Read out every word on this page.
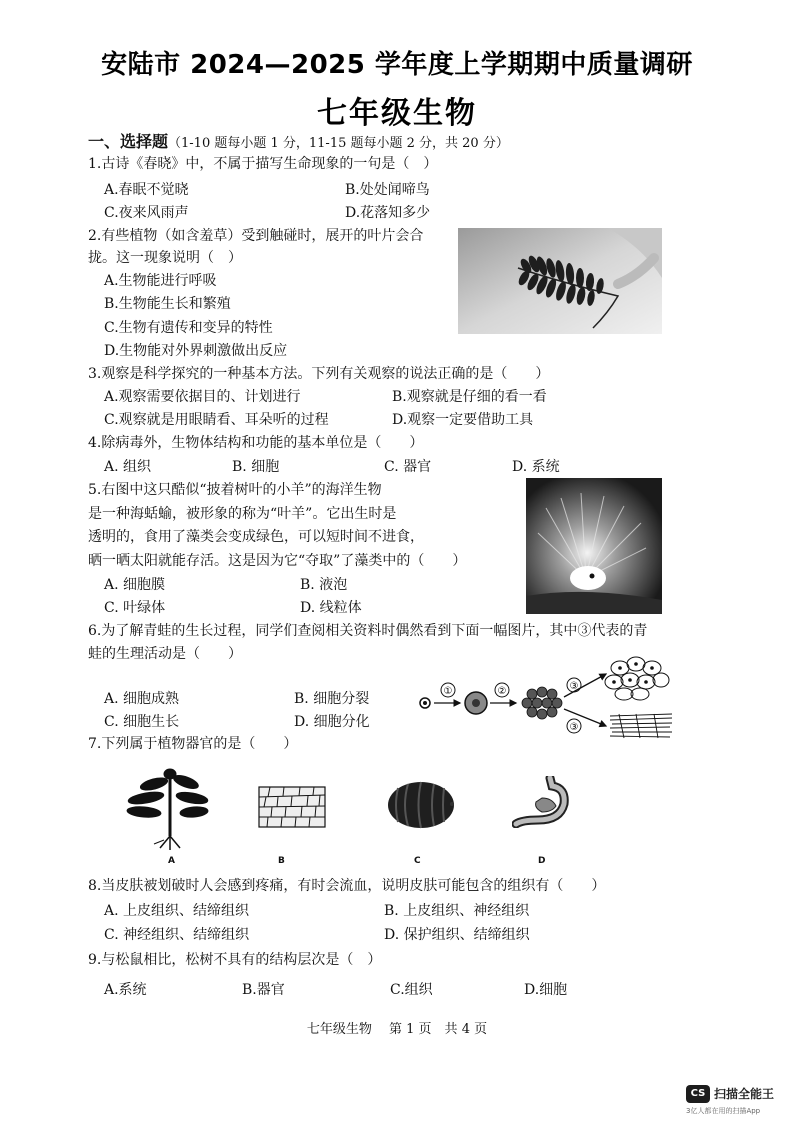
安陆市 2024—2025 学年度上学期期中质量调研
七年级生物
一、选择题（1-10 题每小题 1 分，11-15 题每小题 2 分，共 20 分）
1.古诗《春晓》中，不属于描写生命现象的一句是（　）
A.春眠不觉晓	B.处处闻啼鸟
C.夜来风雨声	D.花落知多少
2.有些植物（如含羞草）受到触碰时，展开的叶片会合
拢。这一现象说明（　）
A.生物能进行呼吸
B.生物能生长和繁殖
C.生物有遗传和变异的特性
D.生物能对外界刺激做出反应
3.观察是科学探究的一种基本方法。下列有关观察的说法正确的是（　　）
A.观察需要依据目的、计划进行	B.观察就是仔细的看一看
C.观察就是用眼睛看、耳朵听的过程	D.观察一定要借助工具
4.除病毒外，生物体结构和功能的基本单位是（　　）
A. 组织	B. 细胞	C. 器官	D. 系统
5.右图中这只酷似“披着树叶的小羊”的海洋生物
是一种海蛞蝓，被形象的称为“叶羊”。它出生时是
透明的，食用了藻类会变成绿色，可以短时间不进食，
晒一晒太阳就能存活。这是因为它“夺取”了藻类中的（　　）
A. 细胞膜	B. 液泡
C. 叶绿体	D. 线粒体
6.为了解青蛙的生长过程，同学们查阅相关资料时偶然看到下面一幅图片，其中③代表的青
蛙的生理活动是（　　）
A. 细胞成熟	B. 细胞分裂
C. 细胞生长	D. 细胞分化
①	②	③
③
7.下列属于植物器官的是（　　）
A	B	C	D
8.当皮肤被划破时人会感到疼痛，有时会流血，说明皮肤可能包含的组织有（　　）
A. 上皮组织、结缔组织	B. 上皮组织、神经组织
C. 神经组织、结缔组织	D. 保护组织、结缔组织
9.与松鼠相比，松树不具有的结构层次是（　）
A.系统	B.器官	C.组织	D.细胞
七年级生物　 第 1 页　共 4 页
CS 扫描全能王
3亿人都在用的扫描App
